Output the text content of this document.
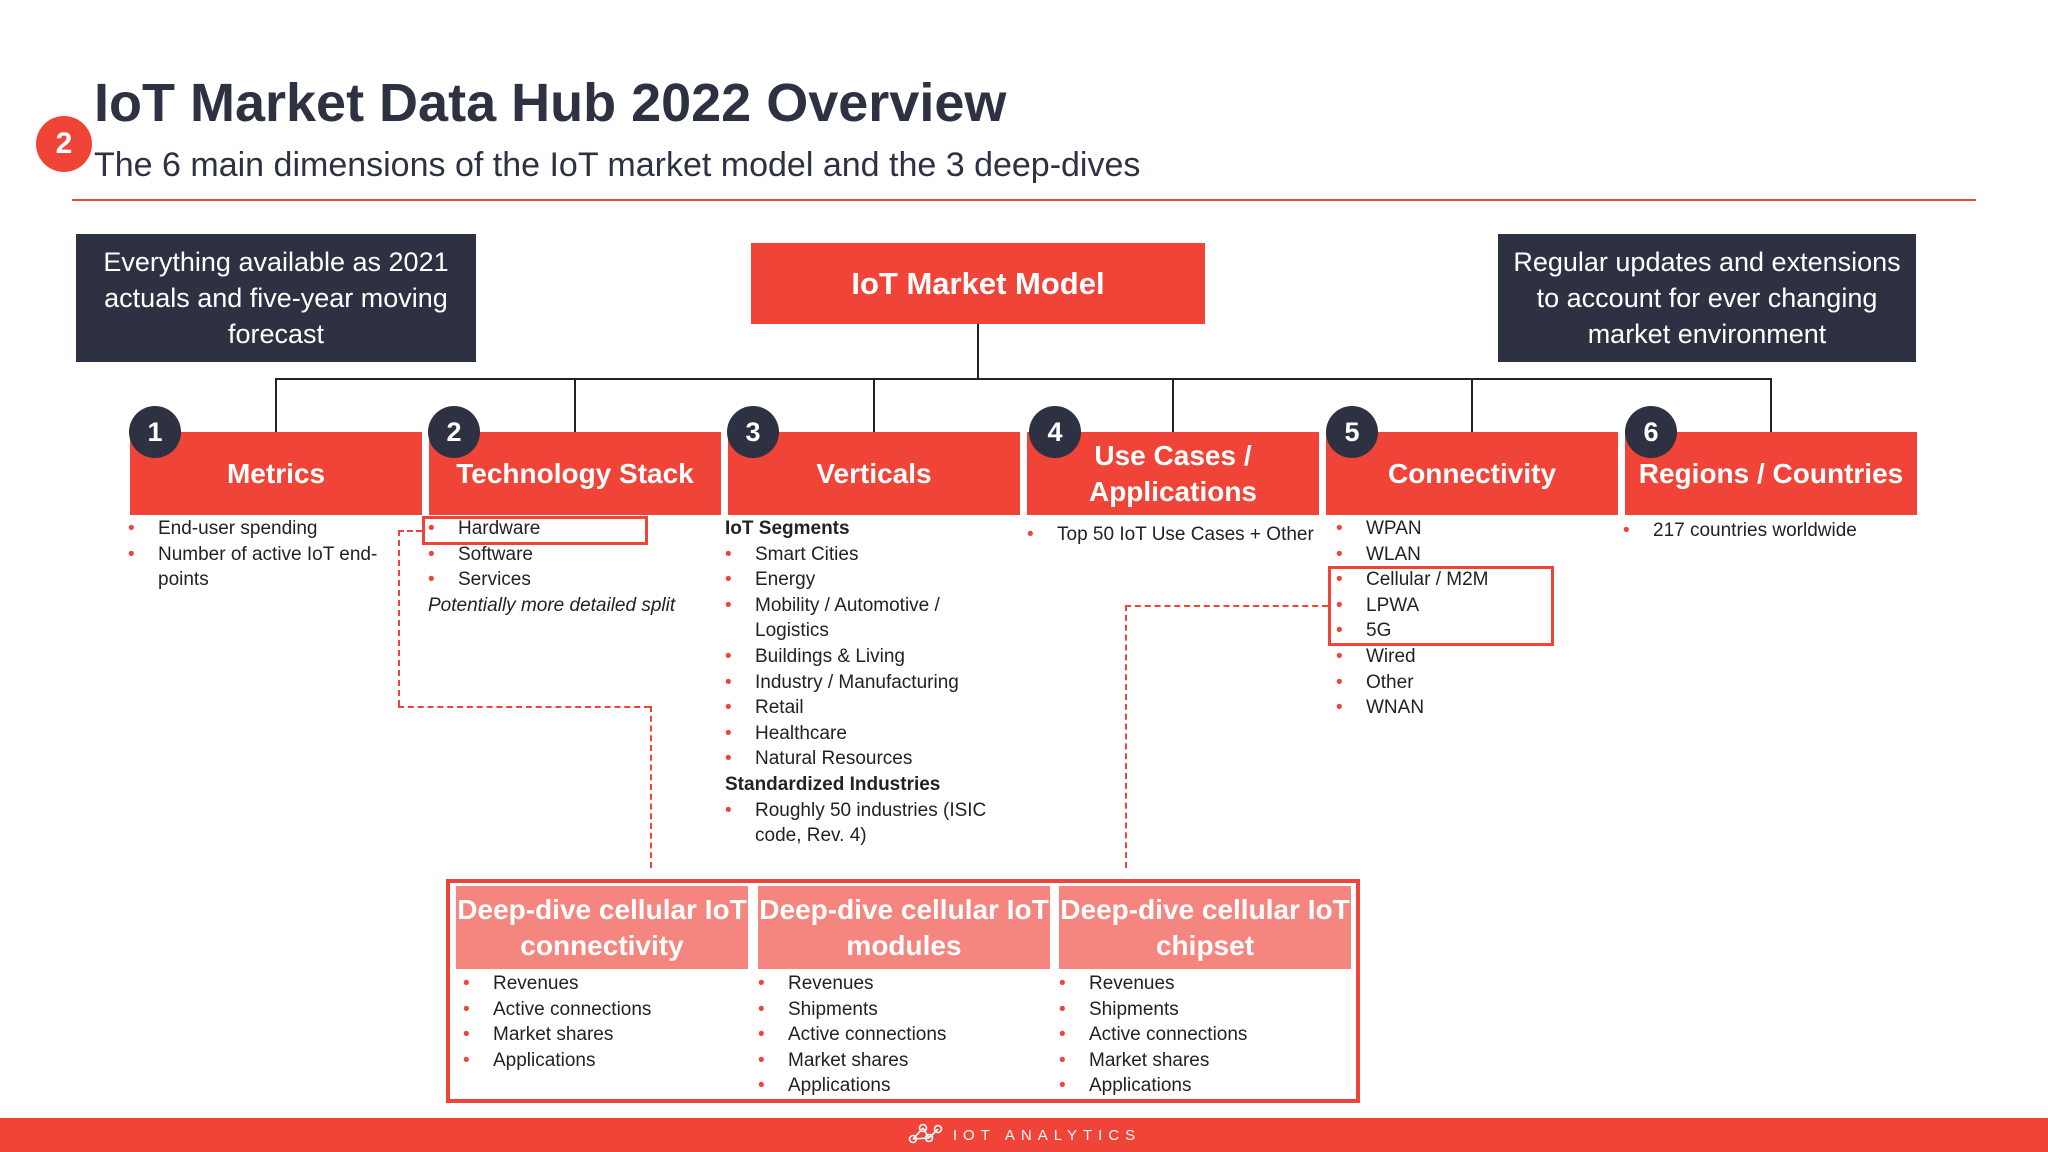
2
IoT Market Data Hub 2022 Overview
The 6 main dimensions of the IoT market model and the 3 deep-dives
Everything available as 2021 actuals and five-year moving forecast
IoT Market Model
Regular updates and extensions to account for ever changing market environment
Metrics	Technology Stack	Verticals
Use Cases / Applications
Connectivity	Regions / Countries
1	2	3	4	5	6
• End-user spending
• Number of active IoT end-points
• Hardware
• Software
• Services
Potentially more detailed split
IoT Segments
• Smart Cities
• Energy
• Mobility / Automotive / Logistics
• Buildings & Living
• Industry / Manufacturing
• Retail
• Healthcare
• Natural Resources
Standardized Industries
• Roughly 50 industries (ISIC code, Rev. 4)
• Top 50 IoT Use Cases + Other
•	WPAN
• WLAN
• Cellular / M2M
• LPWA
• 5G
• Wired
• Other
• WNAN
• 217 countries worldwide
Deep-dive cellular IoT connectivity
Deep-dive cellular IoT modules
Deep-dive cellular IoT chipset
• Revenues
• Active connections
• Market shares
• Applications
• Revenues
• Shipments
• Active connections
• Market shares
• Applications
• Revenues
• Shipments
• Active connections
• Market shares
• Applications
IOT ANALYTICS
